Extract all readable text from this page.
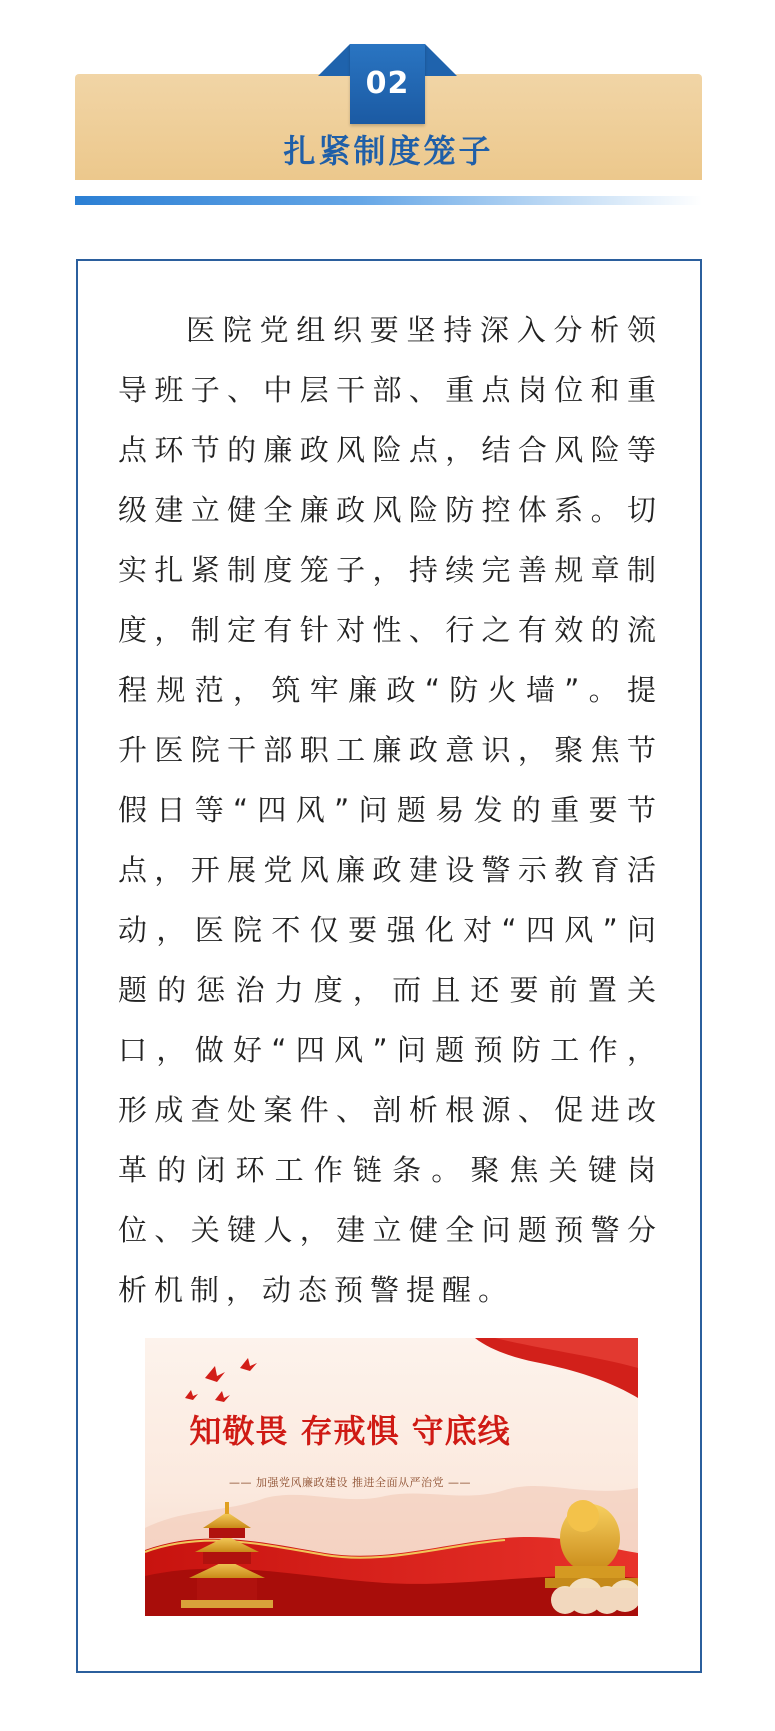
02
扎紧制度笼子

医院党组织要坚持深入分析领导班子、中层干部、重点岗位和重点环节的廉政风险点，结合风险等级建立健全廉政风险防控体系。切实扎紧制度笼子，持续完善规章制度，制定有针对性、行之有效的流程规范，筑牢廉政“防火墙”。提升医院干部职工廉政意识，聚焦节假日等“四风”问题易发的重要节点，开展党风廉政建设警示教育活动，医院不仅要强化对“四风”问题的惩治力度，而且还要前置关口，做好“四风”问题预防工作，形成查处案件、剖析根源、促进改革的闭环工作链条。聚焦关键岗位、关键人，建立健全问题预警分析机制，动态预警提醒。

知敬畏 存戒惧 守底线
—— 加强党风廉政建设 推进全面从严治党 ——
